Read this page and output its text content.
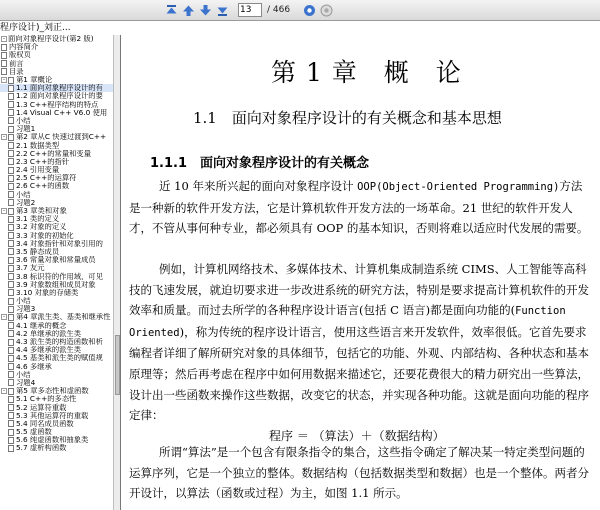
13
/ 466
程序设计)_刘正...
- 面向对象程序设计(第2 版)
内容简介
版权页
前言
目录
- 第1 章概论
1.1 面向对象程序设计的有
1.2 面向对象程序设计的要
1.3 C++程序结构的特点
1.4 Visual C++ V6.0 使用
小结
习题1
- 第2 章从C 快速过渡到C++
2.1 数据类型
2.2 C++的常量和变量
2.3 C++的指针
2.4 引用变量
2.5 C++的运算符
2.6 C++的函数
小结
习题2
- 第3 章类和对象
3.1 类的定义
3.2 对象的定义
3.3 对象的初始化
3.4 对象指针和对象引用的
3.5 静态成员
3.6 常量对象和常量成员
3.7 友元
3.8 标识符的作用域、可见
3.9 对象数组和成员对象
3.10 对象的存储类
小结
习题3
- 第4 章派生类、基类和继承性
4.1 继承的概念
4.2 单继承的派生类
4.3 派生类的构造函数和析
4.4 多继承的派生类
4.5 基类和派生类的赋值规
4.6 多继承
小结
习题4
- 第5 章多态性和虚函数
5.1 C++的多态性
5.2 运算符重载
5.3 其他运算符的重载
5.4 同名成员函数
5.5 虚函数
5.6 纯虚函数和抽象类
5.7 虚析构函数
第 1 章　概　论
1.1　面向对象程序设计的有关概念和基本思想
1.1.1　面向对象程序设计的有关概念

近 10 年来所兴起的面向对象程序设计 OOP(Object-Oriented Programming)方法是一种新的软件开发方法，它是计算机软件开发方法的一场革命。21 世纪的软件开发人才，不管从事何种专业，都必须具有 OOP 的基本知识，否则将难以适应时代发展的需要。

例如，计算机网络技术、多媒体技术、计算机集成制造系统 CIMS、人工智能等高科技的飞速发展，就迫切要求进一步改进系统的研究方法，特别是要求提高计算机软件的开发效率和质量。而过去所学的各种程序设计语言(包括 C 语言)都是面向功能的(Function Oriented)，称为传统的程序设计语言，使用这些语言来开发软件，效率很低。它首先要求编程者详细了解所研究对象的具体细节，包括它的功能、外观、内部结构、各种状态和基本原理等；然后再考虑在程序中如何用数据来描述它，还要花费很大的精力研究出一些算法，设计出一些函数来操作这些数据，改变它的状态，并实现各种功能。这就是面向功能的程序定律：

程序 ＝ （算法）＋（数据结构）

所谓“算法”是一个包含有限条指令的集合，这些指令确定了解决某一特定类型问题的运算序列，它是一个独立的整体。数据结构（包括数据类型和数据）也是一个整体。两者分开设计，以算法（函数或过程）为主，如图 1.1 所示。
